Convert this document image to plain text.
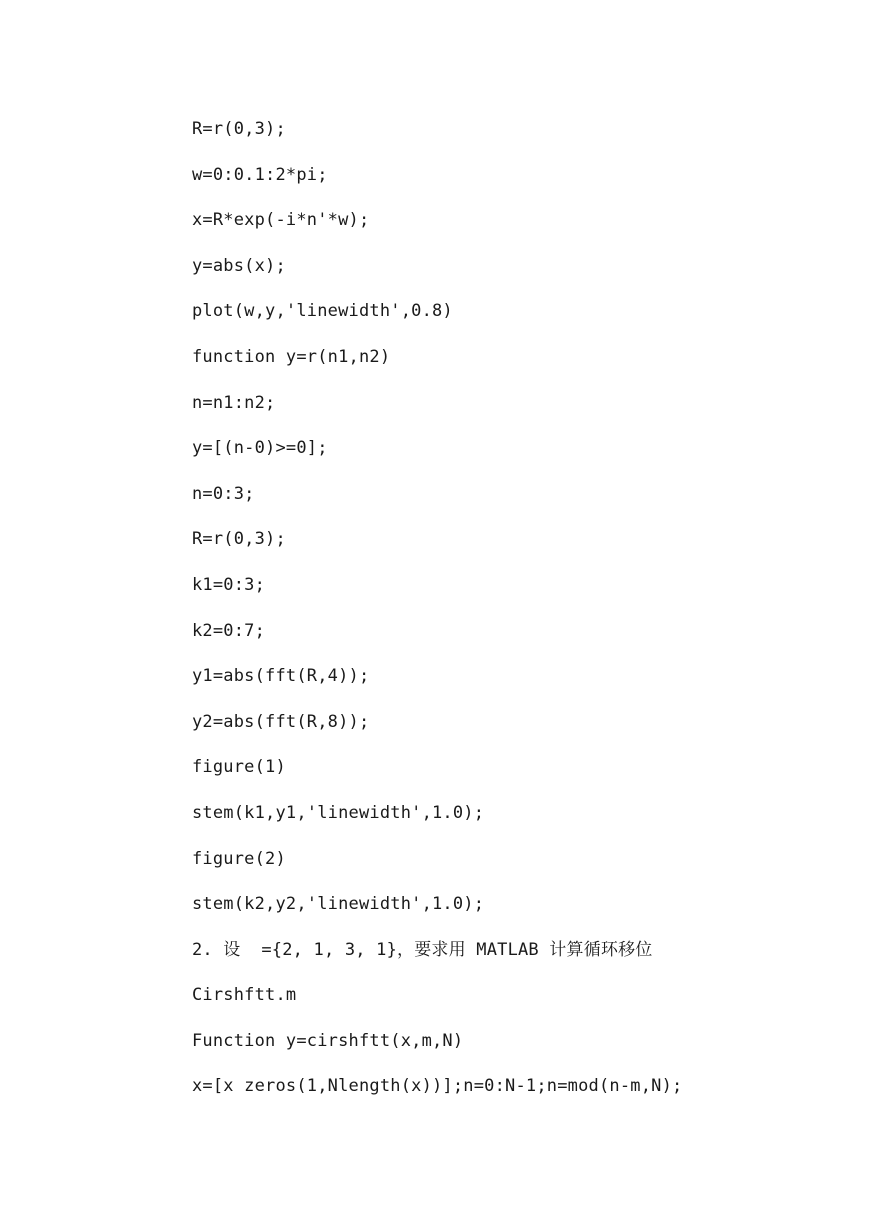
R=r(0,3);
w=0:0.1:2*pi;
x=R*exp(-i*n'*w);
y=abs(x);
plot(w,y,'linewidth',0.8)
function y=r(n1,n2)
n=n1:n2;
y=[(n-0)>=0];
n=0:3;
R=r(0,3);
k1=0:3;
k2=0:7;
y1=abs(fft(R,4));
y2=abs(fft(R,8));
figure(1)
stem(k1,y1,'linewidth',1.0);
figure(2)
stem(k2,y2,'linewidth',1.0);
2. 设  ={2, 1, 3, 1}，要求用 MATLAB 计算循环移位
Cirshftt.m
Function y=cirshftt(x,m,N)
x=[x zeros(1,Nlength(x))];n=0:N-1;n=mod(n-m,N);
